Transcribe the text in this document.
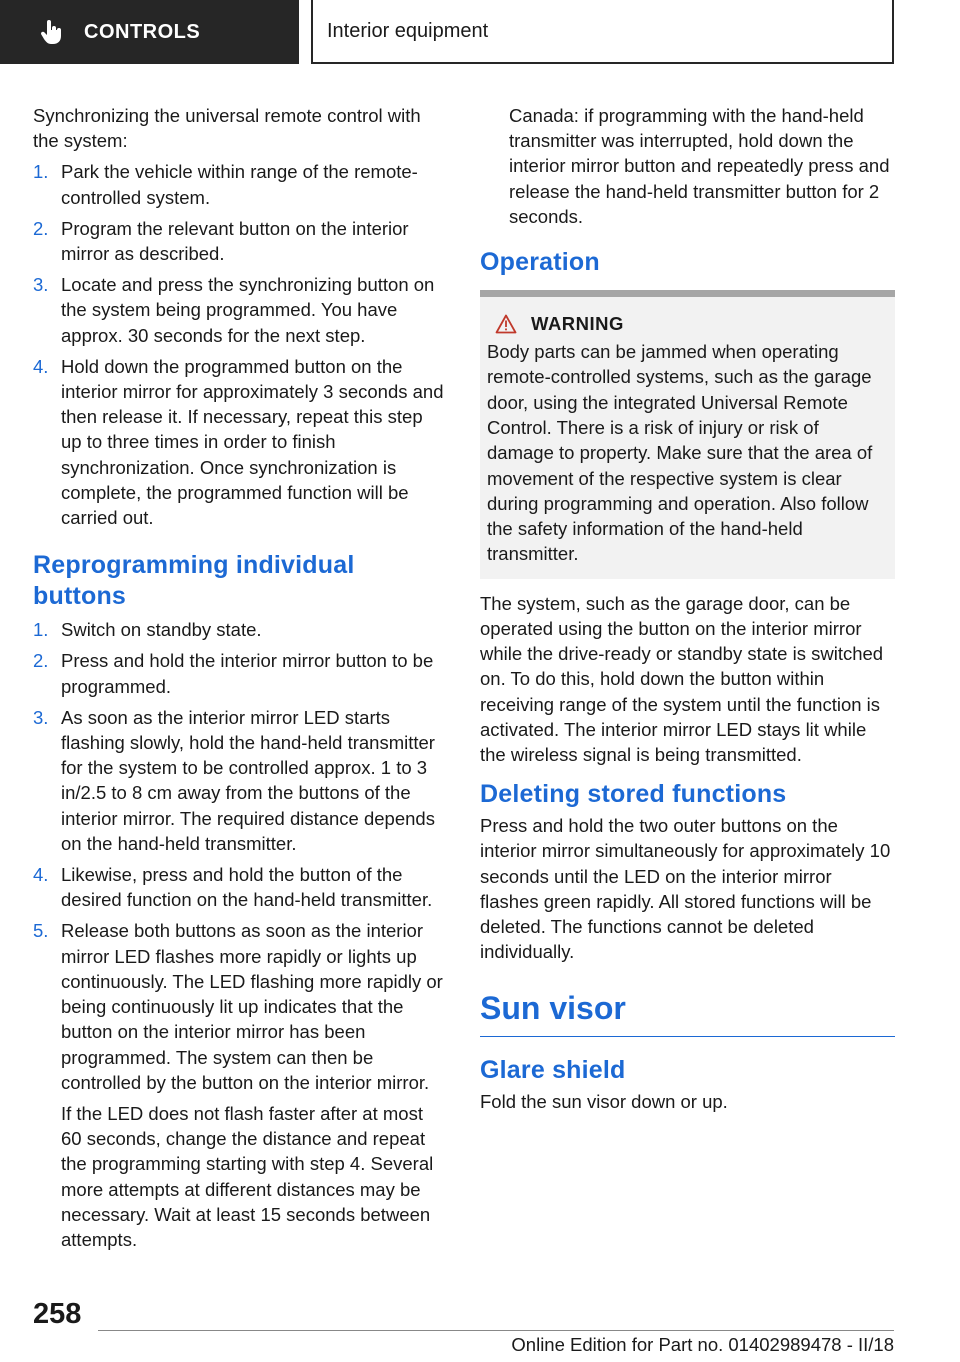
CONTROLS	Interior equipment

Synchronizing the universal remote control with the system:

1. Park the vehicle within range of the remote-controlled system.
2. Program the relevant button on the interior mirror as described.
3. Locate and press the synchronizing button on the system being programmed. You have approx. 30 seconds for the next step.
4. Hold down the programmed button on the interior mirror for approximately 3 seconds and then release it. If necessary, repeat this step up to three times in order to finish synchronization. Once synchronization is complete, the programmed function will be carried out.
Reprogramming individual buttons
1. Switch on standby state.
2. Press and hold the interior mirror button to be programmed.
3. As soon as the interior mirror LED starts flashing slowly, hold the hand-held transmitter for the system to be controlled approx. 1 to 3 in/2.5 to 8 cm away from the buttons of the interior mirror. The required distance depends on the hand-held transmitter.
4. Likewise, press and hold the button of the desired function on the hand-held transmitter.
5. Release both buttons as soon as the interior mirror LED flashes more rapidly or lights up continuously. The LED flashing more rapidly or being continuously lit up indicates that the button on the interior mirror has been programmed. The system can then be controlled by the button on the interior mirror.

If the LED does not flash faster after at most 60 seconds, change the distance and repeat the programming starting with step 4. Several more attempts at different distances may be necessary. Wait at least 15 seconds between attempts.

Canada: if programming with the hand-held transmitter was interrupted, hold down the interior mirror button and repeatedly press and release the hand-held transmitter button for 2 seconds.

Operation
WARNING

Body parts can be jammed when operating remote-controlled systems, such as the garage door, using the integrated Universal Remote Control. There is a risk of injury or risk of damage to property. Make sure that the area of movement of the respective system is clear during programming and operation. Also follow the safety information of the hand-held transmitter.

The system, such as the garage door, can be operated using the button on the interior mirror while the drive-ready or standby state is switched on. To do this, hold down the button within receiving range of the system until the function is activated. The interior mirror LED stays lit while the wireless signal is being transmitted.

Deleting stored functions

Press and hold the two outer buttons on the interior mirror simultaneously for approximately 10 seconds until the LED on the interior mirror flashes green rapidly. All stored functions will be deleted. The functions cannot be deleted individually.

Sun visor
Glare shield

Fold the sun visor down or up.

258
Online Edition for Part no. 01402989478 - II/18
